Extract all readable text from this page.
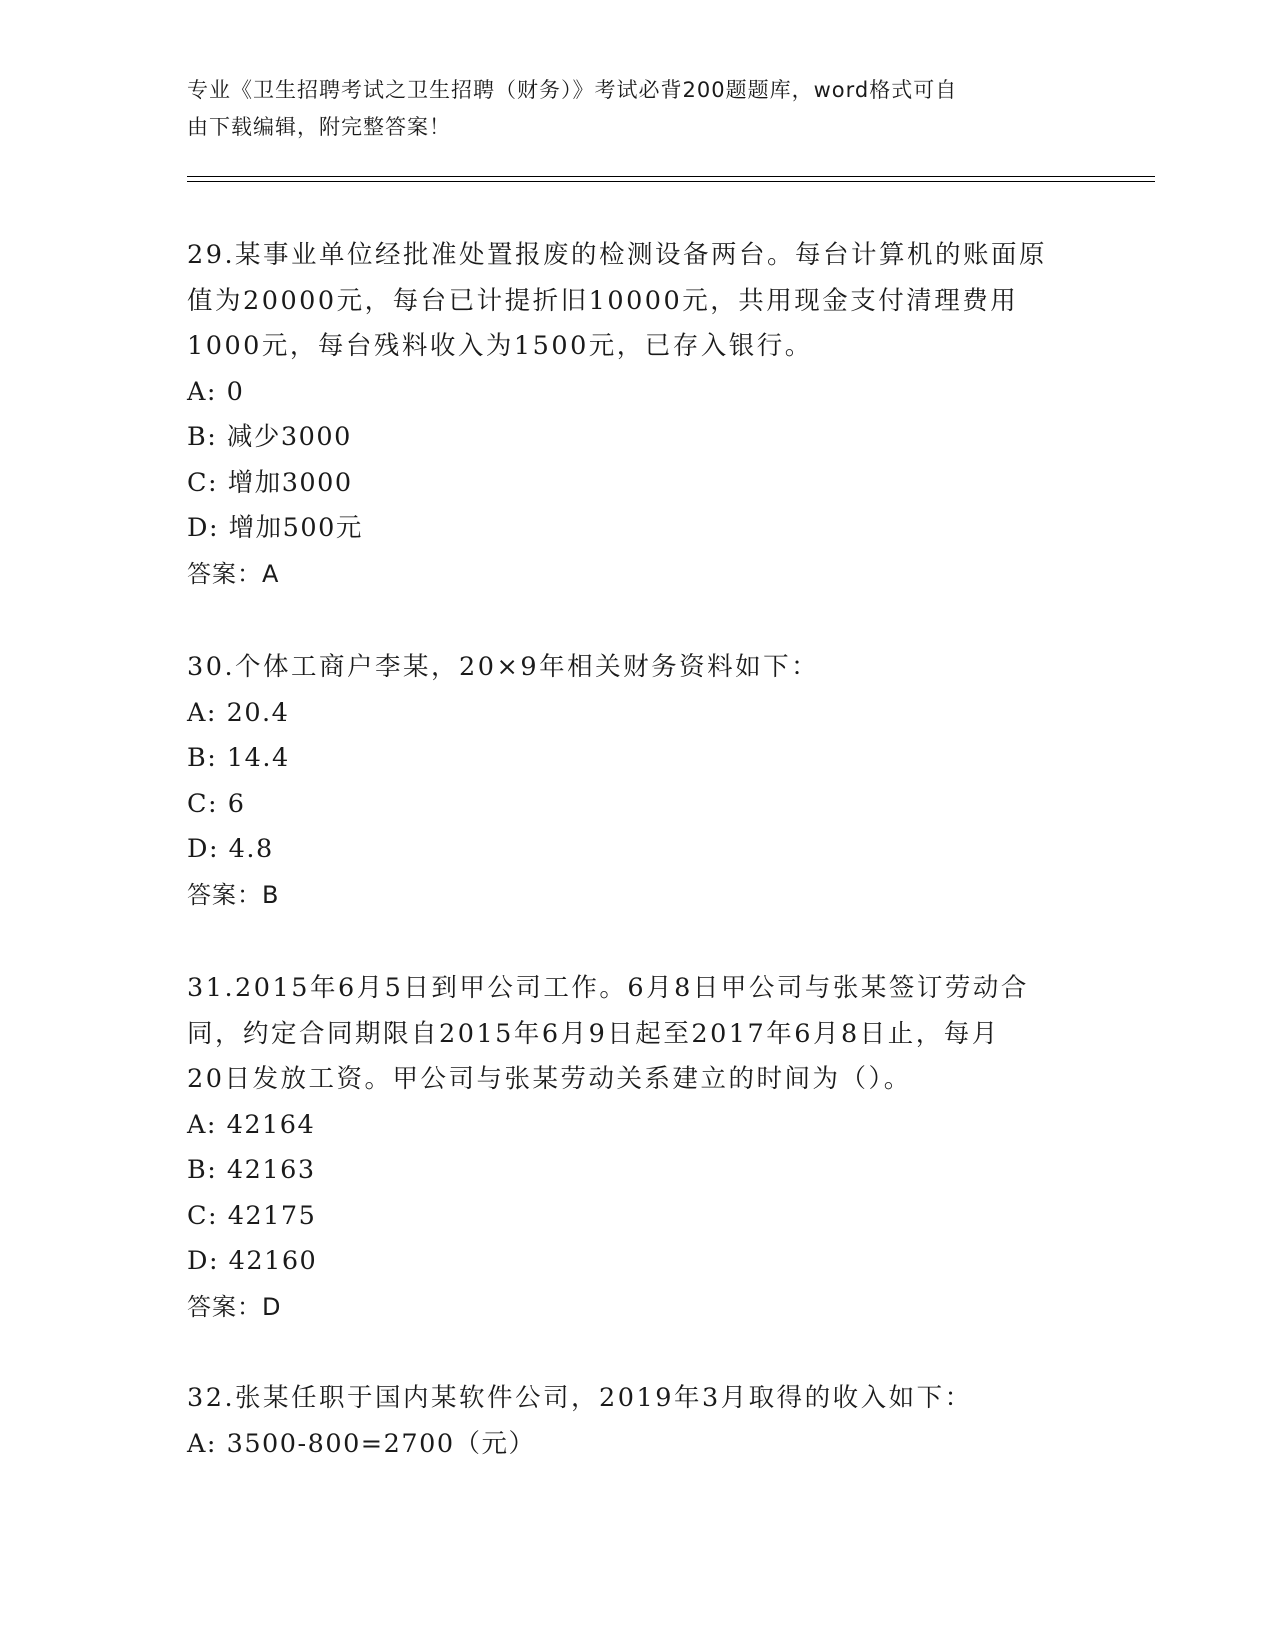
专业《卫生招聘考试之卫生招聘（财务）》考试必背200题题库，word格式可自
由下载编辑，附完整答案！
29.某事业单位经批准处置报废的检测设备两台。每台计算机的账面原
值为20000元，每台已计提折旧10000元，共用现金支付清理费用
1000元，每台残料收入为1500元，已存入银行。
A: 0
B: 减少3000
C: 增加3000
D: 增加500元
答案：A
30.个体工商户李某，20×9年相关财务资料如下：
A: 20.4
B: 14.4
C: 6
D: 4.8
答案：B
31.2015年6月5日到甲公司工作。6月8日甲公司与张某签订劳动合
同，约定合同期限自2015年6月9日起至2017年6月8日止，每月
20日发放工资。甲公司与张某劳动关系建立的时间为（）。
A: 42164
B: 42163
C: 42175
D: 42160
答案：D
32.张某任职于国内某软件公司，2019年3月取得的收入如下：
A: 3500-800=2700（元）
